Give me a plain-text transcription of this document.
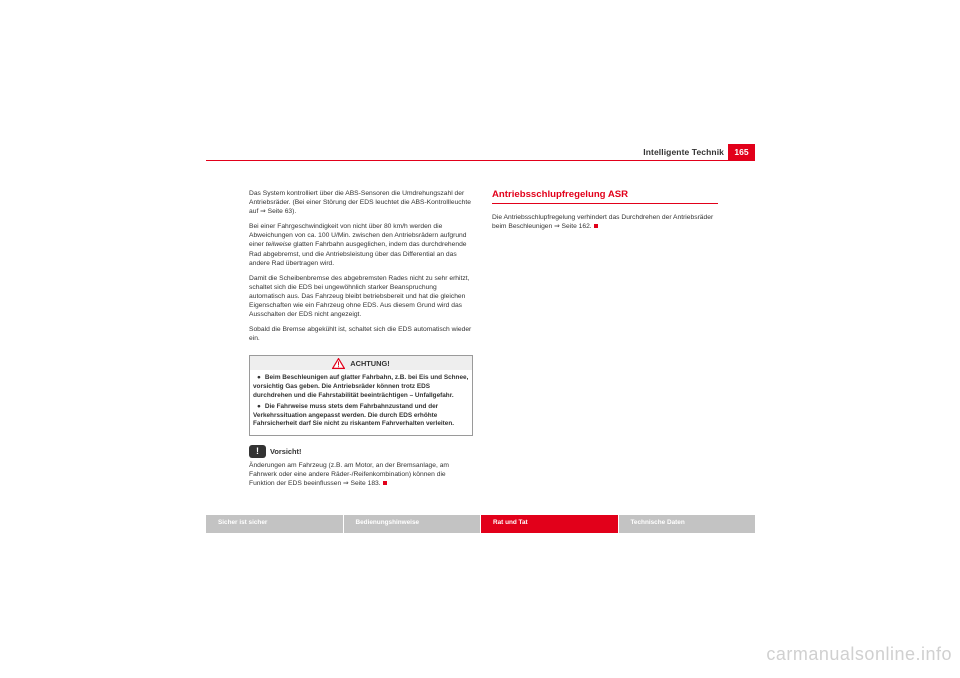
Intelligente Technik	165

Das System kontrolliert über die ABS-Sensoren die Umdrehungszahl der Antriebsräder. (Bei einer Störung der EDS leuchtet die ABS-Kontrollleuchte auf ⇒ Seite 63).

Bei einer Fahrgeschwindigkeit von nicht über 80 km/h werden die Abweichungen von ca. 100 U/Min. zwischen den Antriebsrädern aufgrund einer teilweise glatten Fahrbahn ausgeglichen, indem das durchdrehende Rad abgebremst, und die Antriebsleistung über das Differential an das andere Rad übertragen wird.

Damit die Scheibenbremse des abgebremsten Rades nicht zu sehr erhitzt, schaltet sich die EDS bei ungewöhnlich starker Beanspruchung automatisch aus. Das Fahrzeug bleibt betriebsbereit und hat die gleichen Eigenschaften wie ein Fahrzeug ohne EDS. Aus diesem Grund wird das Ausschalten der EDS nicht angezeigt.

Sobald die Bremse abgekühlt ist, schaltet sich die EDS automatisch wieder ein.

ACHTUNG!
● Beim Beschleunigen auf glatter Fahrbahn, z.B. bei Eis und Schnee, vorsichtig Gas geben. Die Antriebsräder können trotz EDS durchdrehen und die Fahrstabilität beeinträchtigen – Unfallgefahr.
● Die Fahrweise muss stets dem Fahrbahnzustand und der Verkehrssituation angepasst werden. Die durch EDS erhöhte Fahrsicherheit darf Sie nicht zu riskantem Fahrverhalten verleiten.
!	Vorsicht!

Änderungen am Fahrzeug (z.B. am Motor, an der Bremsanlage, am Fahrwerk oder eine andere Räder-/Reifenkombination) können die Funktion der EDS beeinflussen ⇒ Seite 183.

Antriebsschlupfregelung ASR

Die Antriebsschlupfregelung verhindert das Durchdrehen der Antriebsräder beim Beschleunigen ⇒ Seite 162.

Sicher ist sicher	Bedienungshinweise	Rat und Tat	Technische Daten
carmanualsonline.info
